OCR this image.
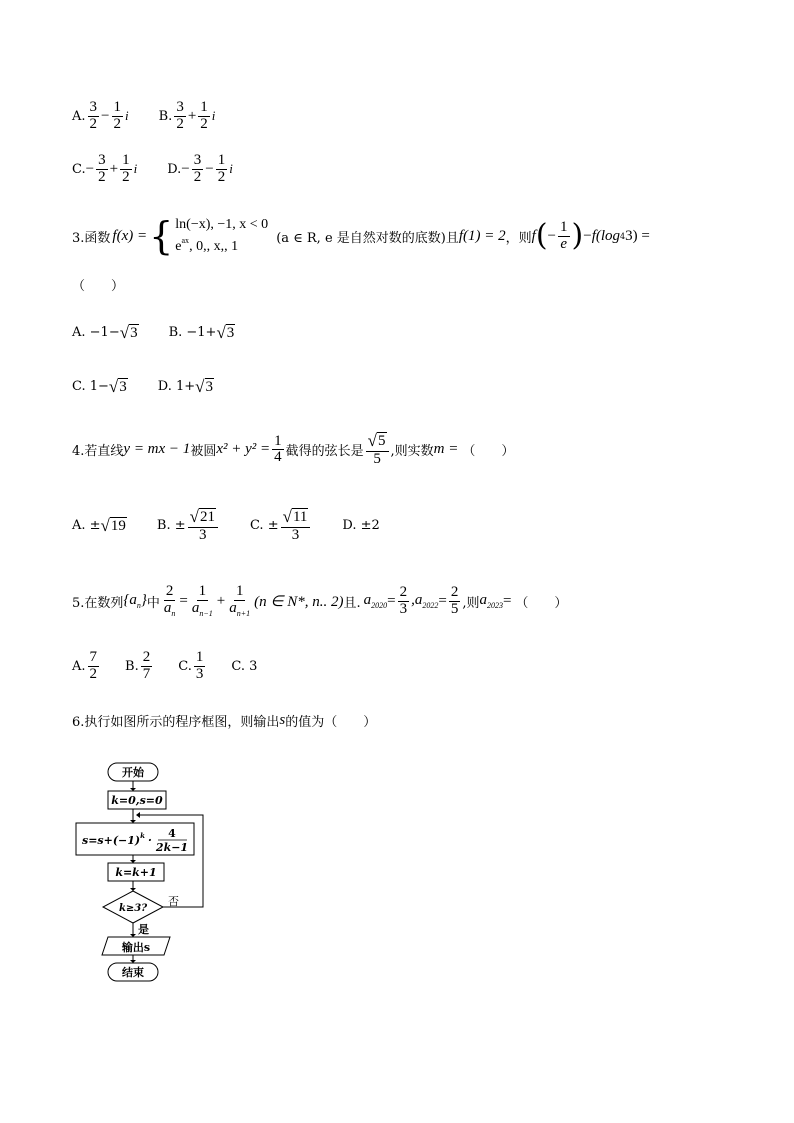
A. $\frac{3}{2} - \frac{1}{2}$ i B. $\frac{3}{2} + \frac{1}{2}$ i
C. − $\frac{3}{2} + \frac{1}{2}$ i D. − $\frac{3}{2} - \frac{1}{2}$ i
3.函数 f(x) = { ln(−x), −1, x < 0
$e^{ax}$, 0,, x,, 1
(a ∈ R, e 是自然对数的底数)且 f(1) = 2 ，则 f ( − $\frac{1}{e}$ ) − f(log 4 3) =
（　　）
A. −1− √ 3 B. −1+ √ 3
C. 1− √ 3 D. 1+ √ 3
4.若直线 y = mx − 1 被圆 $x^2 + y^2 = \frac{1}{4}$ 截得的弦长是 $\frac{√ 5}{5}$ ,则实数 m = （　　）
A. ± √ 19 B. ± $\frac{√ 21}{3} C$. ± $\frac{√ 11}{3} D$. ±2
5.在数列 $\{a_n\}$ 中 $\frac{2}{a_n} = \frac{1}{a_{n-1}} + \frac{1}{a_{n+1}} (n$ ∈ N*, n.. 2) 且. $a_{2020} = \frac{2}{3} ,a_{2022} = \frac{2}{5}$ ,则 $a_{2023}$ = （　　）
A. $\frac{7}{2} B$. $\frac{2}{7} C$. $\frac{1}{3} C$. 3
6.执行如图所示的程序框图，则输出 s 的值为（　　）
开始
k=0,s=0
$s=s+(-1)^k$ ·
4
2k−1
k=k+1
k≥3?
否
是
输出s
结束
